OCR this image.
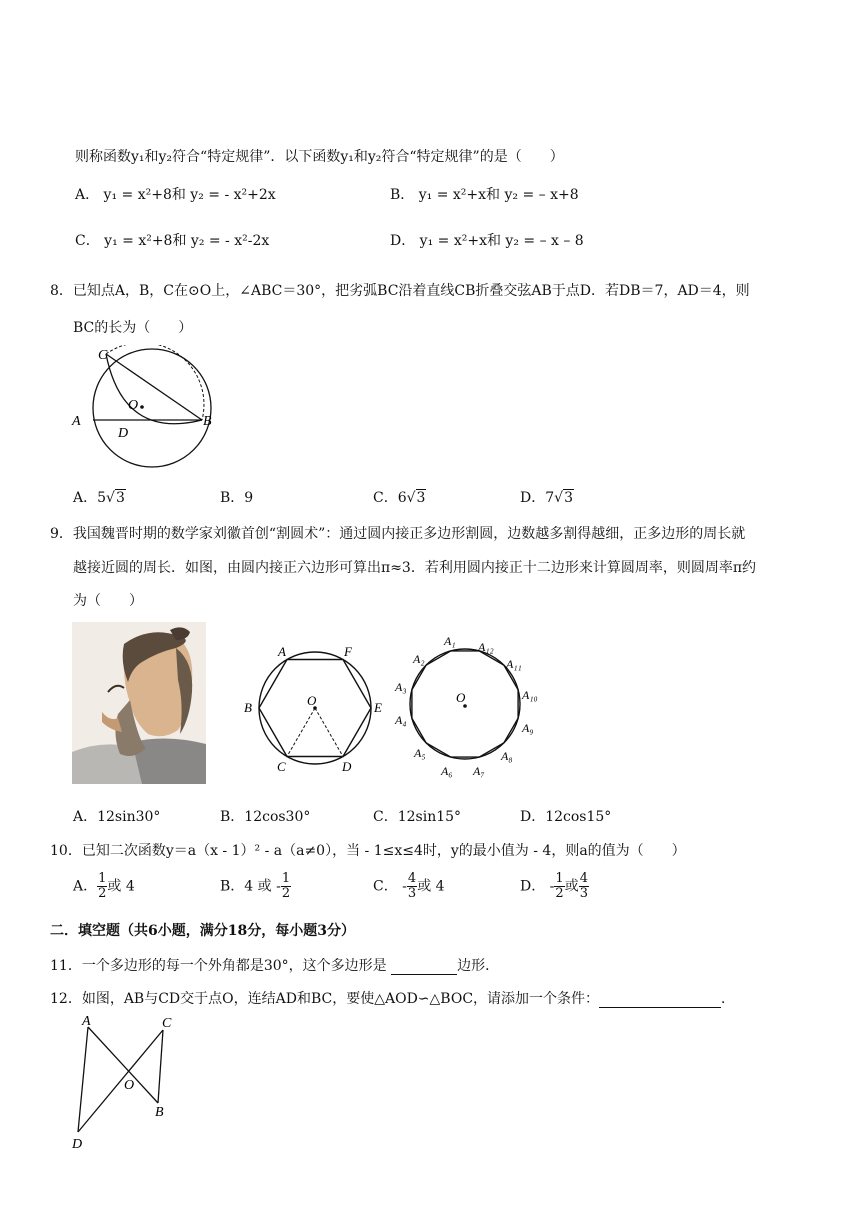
则称函数y₁和y₂符合“特定规律”．以下函数y₁和y₂符合“特定规律”的是（　　）
A． y₁ = x²+8和 y₂ = - x²+2x	B． y₁ = x²+x和 y₂ = – x+8
C． y₁ = x²+8和 y₂ = - x²-2x	D． y₁ = x²+x和 y₂ = – x – 8
8．已知点A，B，C在⊙O上，∠ABC＝30°，把劣弧BC沿着直线CB折叠交弦AB于点D．若DB＝7，AD＝4，则
BC的长为（　　）
C
O
A
D
B
A．5√3	B．9	C．6√3	D．7√3
9．我国魏晋时期的数学家刘徽首创“割圆术”：通过圆内接正多边形割圆，边数越多割得越细，正多边形的周长就
越接近圆的周长．如图，由圆内接正六边形可算出π≈3．若利用圆内接正十二边形来计算圆周率，则圆周率π约
为（　　）
A	F
B	E
C	D
O
A₁ A₁₂
A₂	A₁₁
A₃
A₁₀
A₄
A₉
A₅	A₈
A₆ A₇
O
A．12sin30°	B．12cos30°	C．12sin15°	D．12cos15°
10．已知二次函数y＝a（x - 1）² - a（a≠0），当 - 1≤x≤4时，y的最小值为 - 4，则a的值为（　　）
A． $\frac{1}{2}$ 或 4	B．4 或 - $\frac{1}{2}$	C． - $\frac{4}{3}$ 或 4	D． - $\frac{1}{2}$ 或 $\frac{4}{3}$
二．填空题（共6小题，满分18分，每小题3分）
11．一个多边形的每一个外角都是30°，这个多边形是	边形．
12．如图，AB与CD交于点O，连结AD和BC，要使△AOD∽△BOC，请添加一个条件：	．
A	C
O
B
D
